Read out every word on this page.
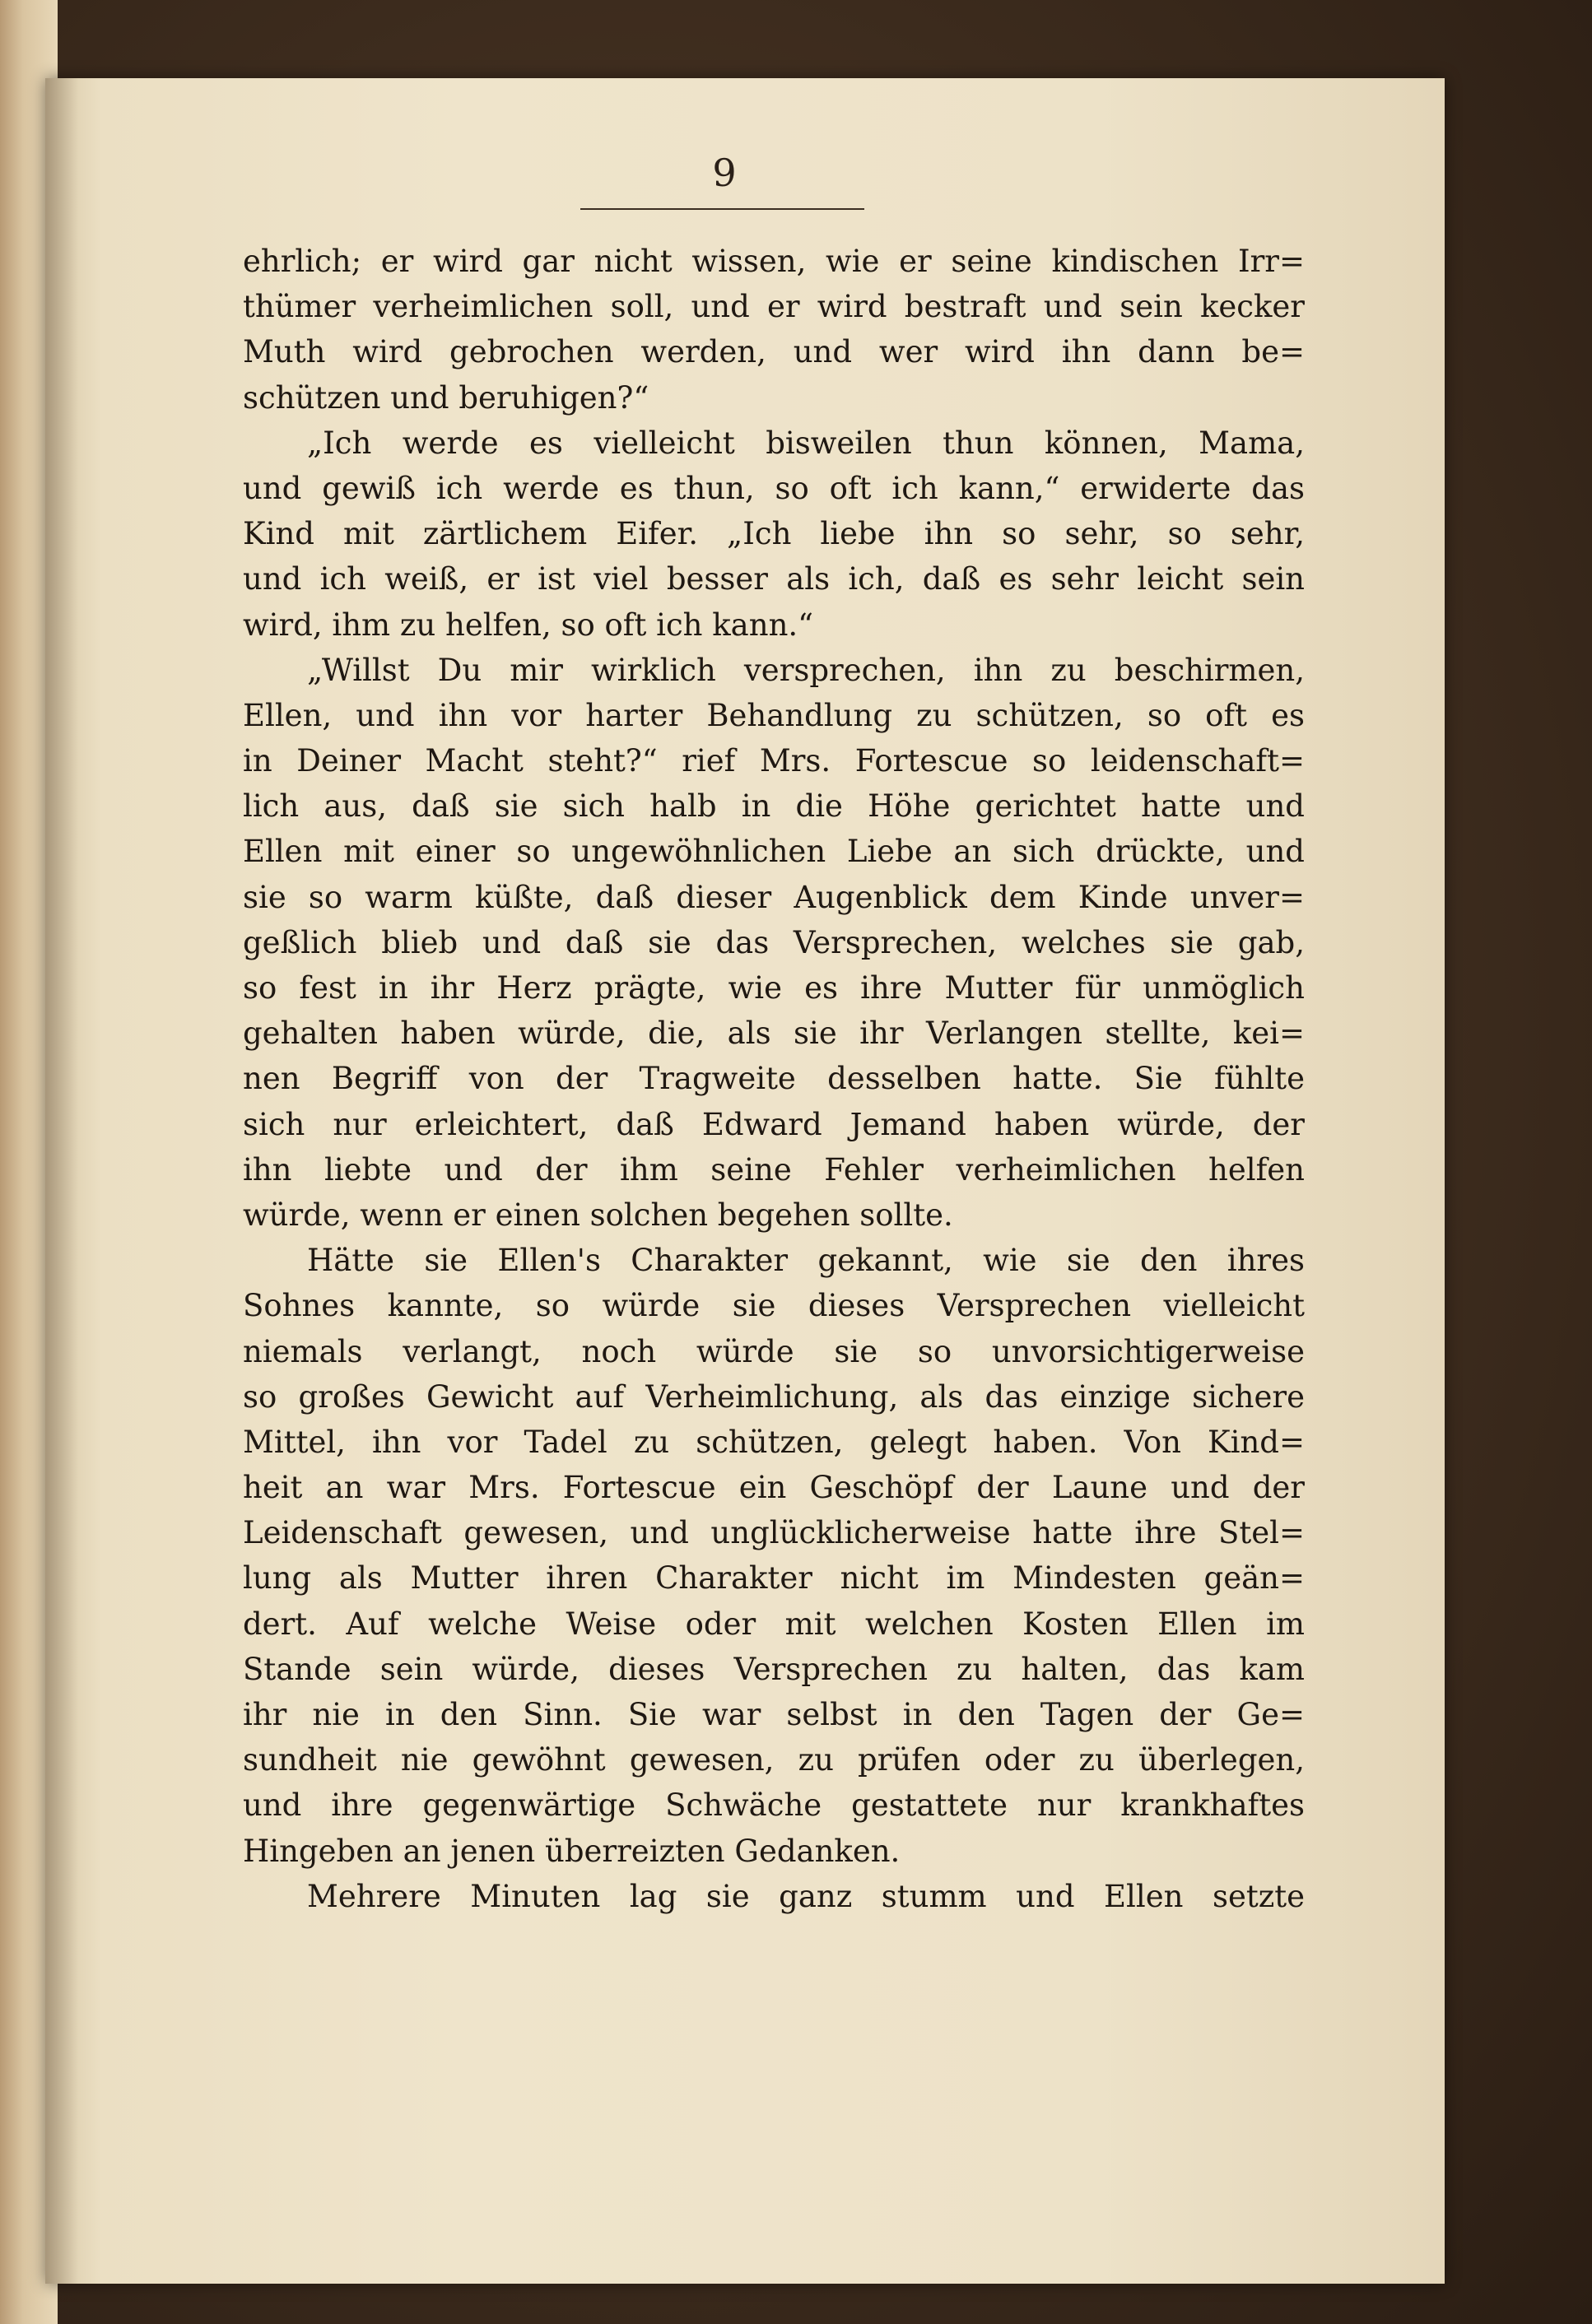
9
ehrlich; er wird gar nicht wissen, wie er seine kindischen Irr=
thümer verheimlichen soll, und er wird bestraft und sein kecker
Muth wird gebrochen werden, und wer wird ihn dann be=
schützen und beruhigen?“
„Ich werde es vielleicht bisweilen thun können, Mama,
und gewiß ich werde es thun, so oft ich kann,“ erwiderte das
Kind mit zärtlichem Eifer. „Ich liebe ihn so sehr, so sehr,
und ich weiß, er ist viel besser als ich, daß es sehr leicht sein
wird, ihm zu helfen, so oft ich kann.“
„Willst Du mir wirklich versprechen, ihn zu beschirmen,
Ellen, und ihn vor harter Behandlung zu schützen, so oft es
in Deiner Macht steht?“ rief Mrs. Fortescue so leidenschaft=
lich aus, daß sie sich halb in die Höhe gerichtet hatte und
Ellen mit einer so ungewöhnlichen Liebe an sich drückte, und
sie so warm küßte, daß dieser Augenblick dem Kinde unver=
geßlich blieb und daß sie das Versprechen, welches sie gab,
so fest in ihr Herz prägte, wie es ihre Mutter für unmöglich
gehalten haben würde, die, als sie ihr Verlangen stellte, kei=
nen Begriff von der Tragweite desselben hatte. Sie fühlte
sich nur erleichtert, daß Edward Jemand haben würde, der
ihn liebte und der ihm seine Fehler verheimlichen helfen
würde, wenn er einen solchen begehen sollte.
Hätte sie Ellen's Charakter gekannt, wie sie den ihres
Sohnes kannte, so würde sie dieses Versprechen vielleicht
niemals verlangt, noch würde sie so unvorsichtigerweise
so großes Gewicht auf Verheimlichung, als das einzige sichere
Mittel, ihn vor Tadel zu schützen, gelegt haben. Von Kind=
heit an war Mrs. Fortescue ein Geschöpf der Laune und der
Leidenschaft gewesen, und unglücklicherweise hatte ihre Stel=
lung als Mutter ihren Charakter nicht im Mindesten geän=
dert. Auf welche Weise oder mit welchen Kosten Ellen im
Stande sein würde, dieses Versprechen zu halten, das kam
ihr nie in den Sinn. Sie war selbst in den Tagen der Ge=
sundheit nie gewöhnt gewesen, zu prüfen oder zu überlegen,
und ihre gegenwärtige Schwäche gestattete nur krankhaftes
Hingeben an jenen überreizten Gedanken.
Mehrere Minuten lag sie ganz stumm und Ellen setzte
